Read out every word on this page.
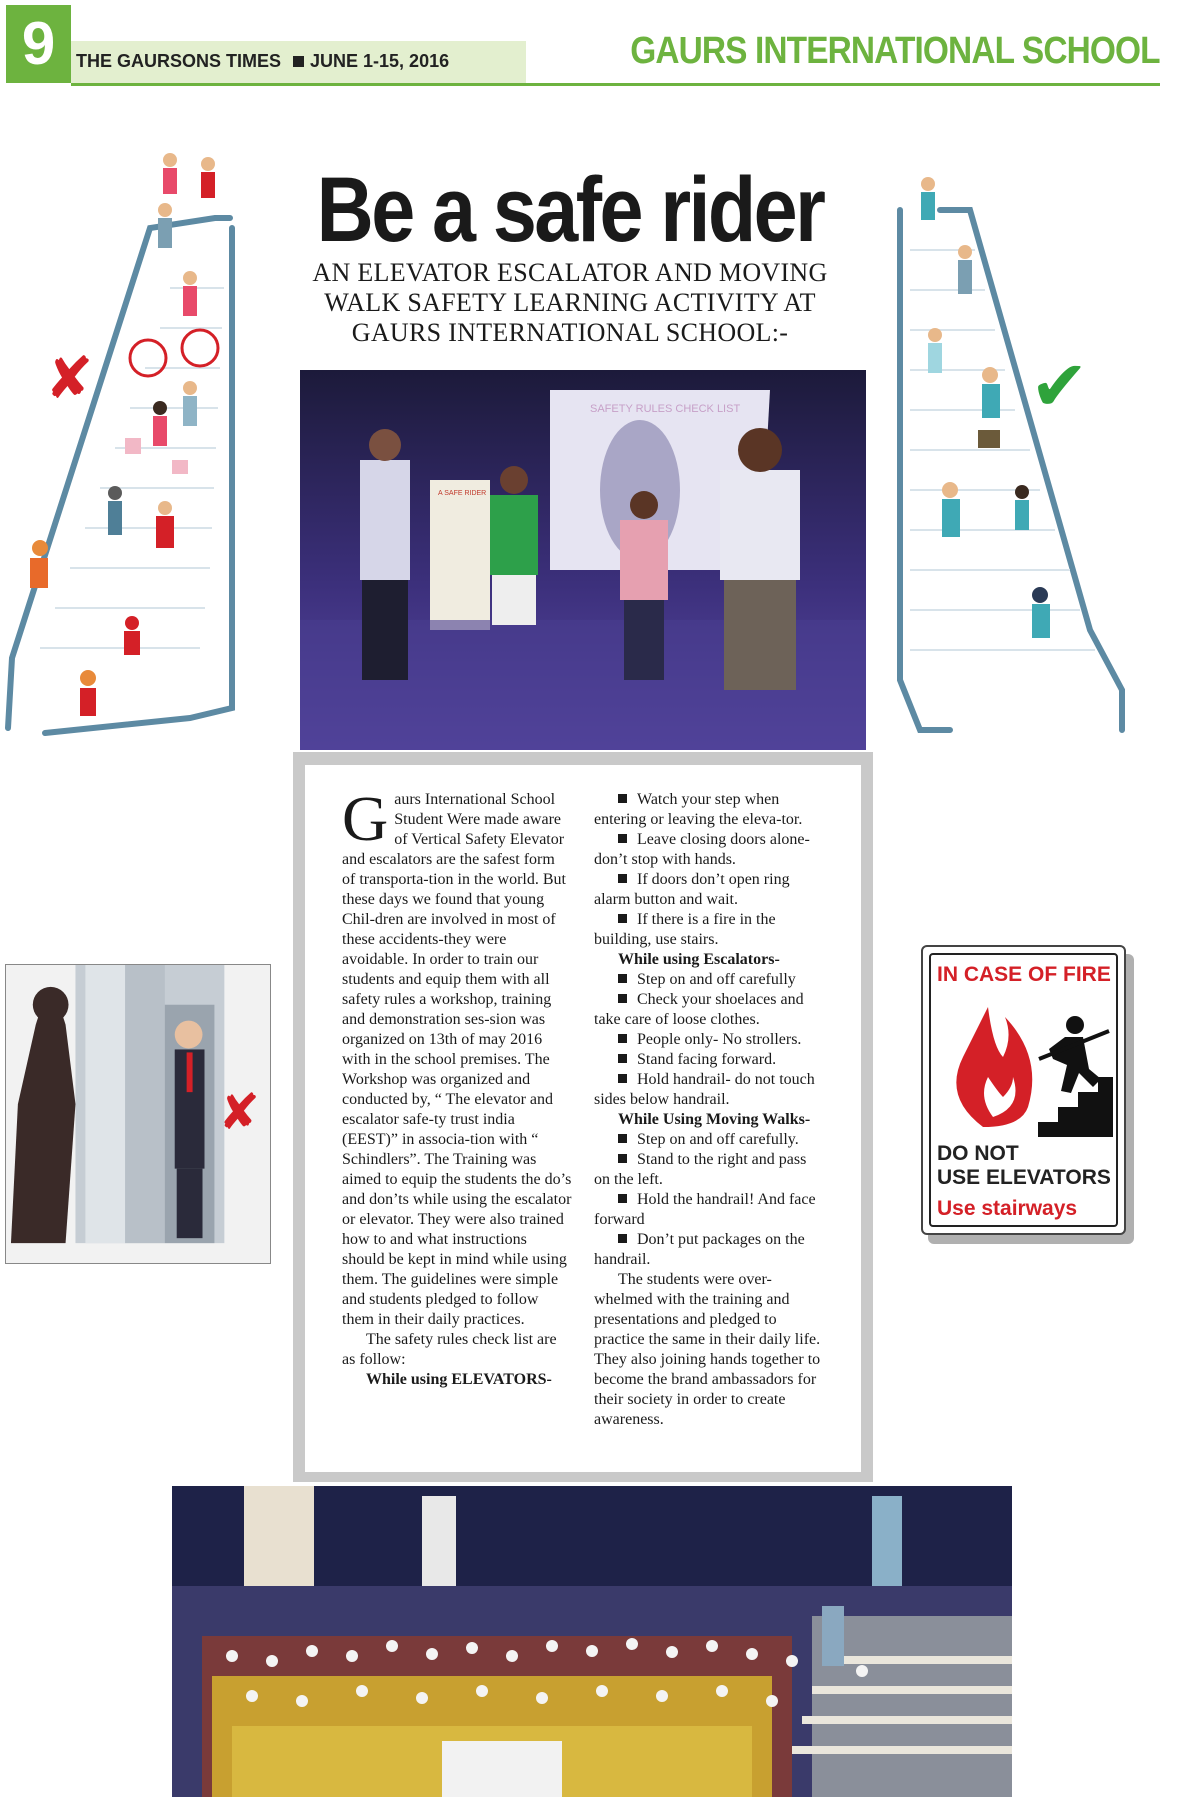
9	THE GAURSONS TIMES JUNE 1-15, 2016	GAURS INTERNATIONAL SCHOOL
Be a safe rider
AN ELEVATOR ESCALATOR AND MOVING
WALK SAFETY LEARNING ACTIVITY AT
GAURS INTERNATIONAL SCHOOL:-
✘	✔
SAFETY RULES CHECK LIST
A SAFE RIDER

Gaurs International School Student Were made aware of Vertical Safety Elevator and escalators are the safest form of transporta-tion in the world. But these days we found that young Chil-dren are involved in most of these accidents-they were avoidable. In order to train our students and equip them with all safety rules a workshop, training and demonstration ses-sion was organized on 13th of may 2016 with in the school premises. The Workshop was organized and conducted by, “ The elevator and escalator safe-ty trust india (EEST)” in associa-tion with “ Schindlers”. The Training was aimed to equip the students the do’s and don’ts while using the escalator or elevator. They were also trained how to and what instructions should be kept in mind while using them. The guidelines were simple and students pledged to follow them in their daily practices.

The safety rules check list are as follow:

While using ELEVATORS-

Watch your step when entering or leaving the eleva-tor.

Leave closing doors alone-don’t stop with hands.

If doors don’t open ring alarm button and wait.

If there is a fire in the building, use stairs.

While using Escalators-

Step on and off carefully

Check your shoelaces and take care of loose clothes.

People only- No strollers.

Stand facing forward.

Hold handrail- do not touch sides below handrail.

While Using Moving Walks-

Step on and off carefully.

Stand to the right and pass on the left.

Hold the handrail! And face forward

Don’t put packages on the handrail.

The students were over-whelmed with the training and presentations and pledged to practice the same in their daily life. They also joining hands together to become the brand ambassadors for their society in order to create awareness.

✘
IN CASE OF FIRE
DO NOT
USE ELEVATORS
Use stairways
